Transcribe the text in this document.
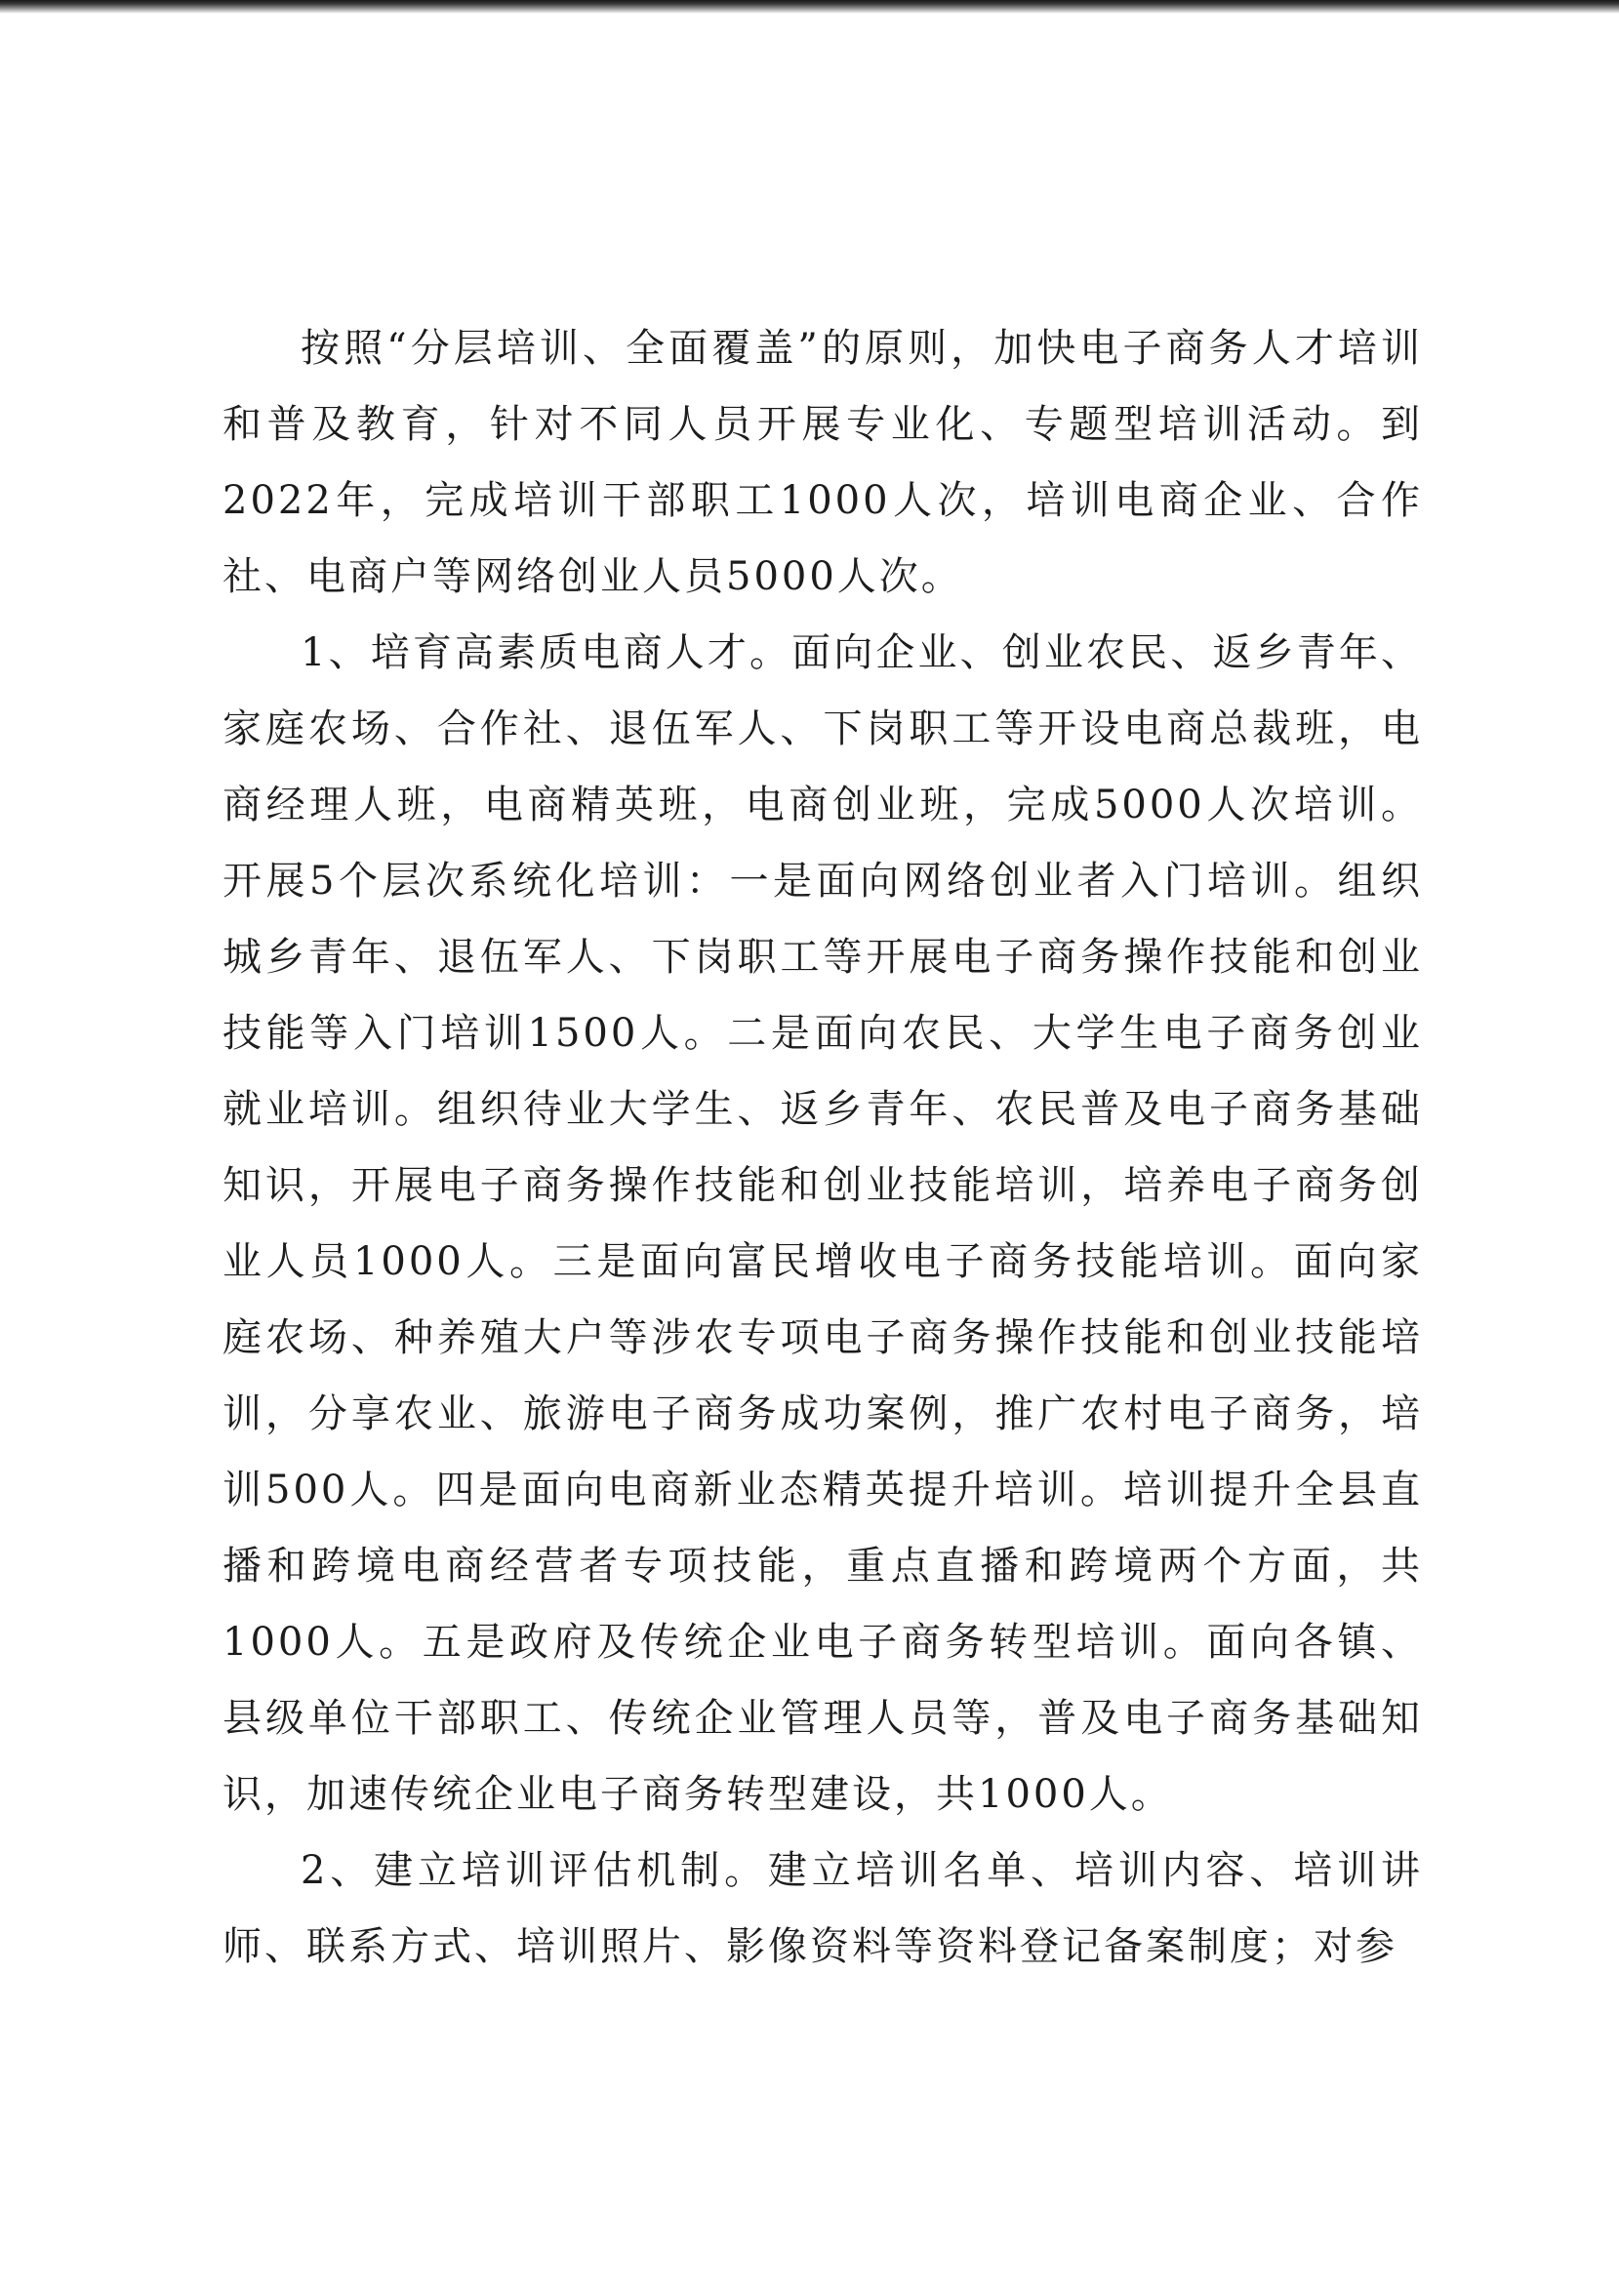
按照“分层培训、全面覆盖”的原则，加快电子商务人才培训和普及教育，针对不同人员开展专业化、专题型培训活动。到2022年，完成培训干部职工1000人次，培训电商企业、合作社、电商户等网络创业人员5000人次。

1、培育高素质电商人才。面向企业、创业农民、返乡青年、家庭农场、合作社、退伍军人、下岗职工等开设电商总裁班，电商经理人班，电商精英班，电商创业班，完成5000人次培训。开展5个层次系统化培训：一是面向网络创业者入门培训。组织城乡青年、退伍军人、下岗职工等开展电子商务操作技能和创业技能等入门培训1500人。二是面向农民、大学生电子商务创业就业培训。组织待业大学生、返乡青年、农民普及电子商务基础知识，开展电子商务操作技能和创业技能培训，培养电子商务创业人员1000人。三是面向富民增收电子商务技能培训。面向家庭农场、种养殖大户等涉农专项电子商务操作技能和创业技能培训，分享农业、旅游电子商务成功案例，推广农村电子商务，培训500人。四是面向电商新业态精英提升培训。培训提升全县直播和跨境电商经营者专项技能，重点直播和跨境两个方面，共1000人。五是政府及传统企业电子商务转型培训。面向各镇、县级单位干部职工、传统企业管理人员等，普及电子商务基础知识，加速传统企业电子商务转型建设，共1000人。

2、建立培训评估机制。建立培训名单、培训内容、培训讲师、联系方式、培训照片、影像资料等资料登记备案制度；对参
